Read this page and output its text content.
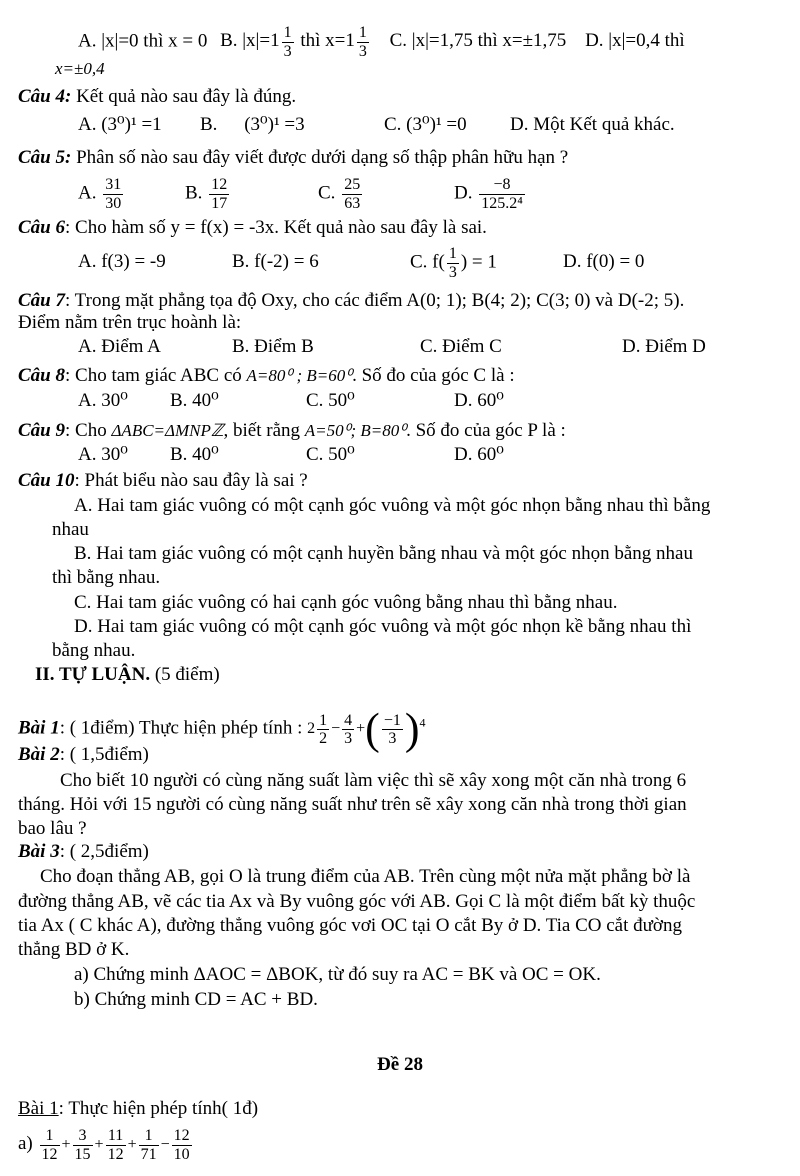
A. |x|=0 thì x = 0 B. $|x|=1 \frac{1}{3}$ thì $x=1 \frac{1}{3} C$. |x|=1,75 thì x=±1,75 D. |x|=0,4 thì
x=±0,4
Câu 4: Kết quả nào sau đây là đúng.
A. (3⁰)¹ =1 B. (3⁰)¹ =3	C. (3⁰)¹ =0 D. Một Kết quả khác.
Câu 5: Phân số nào sau đây viết được dưới dạng số thập phân hữu hạn ?
A. $\frac{31}{30}$	B. $\frac{12}{17}$	C. $\frac{25}{63}$	D. $\frac{-8}{\text{125.2⁴}}$
Câu 6: Cho hàm số y = f(x) = -3x. Kết quả nào sau đây là sai.
A. f(3) = -9	B. f(-2) = 6	C. $f( \frac{1}{3}$ ) = 1	D. f(0) = 0
Câu 7: Trong mặt phẳng tọa độ Oxy, cho các điểm A(0; 1); B(4; 2); C(3; 0) và D(-2; 5).
Điểm nằm trên trục hoành là:
A. Điểm A	B. Điểm B	C. Điểm C	D. Điểm D
Câu 8: Cho tam giác ABC có A=80⁰ ; B=60⁰. Số đo của góc C là :
A. 30⁰ B. 40⁰	C. 50⁰	D. 60⁰
Câu 9: Cho ΔABC=ΔMNPℤ, biết rằng A=50⁰; B=80⁰. Số đo của góc P là :
A. 30⁰ B. 40⁰	C. 50⁰	D. 60⁰
Câu 10: Phát biểu nào sau đây là sai ?
A. Hai tam giác vuông có một cạnh góc vuông và một góc nhọn bằng nhau thì bằng
nhau
B. Hai tam giác vuông có một cạnh huyền bằng nhau và một góc nhọn bằng nhau
thì bằng nhau.
C. Hai tam giác vuông có hai cạnh góc vuông bằng nhau thì bằng nhau.
D. Hai tam giác vuông có một cạnh góc vuông và một góc nhọn kề bằng nhau thì
bằng nhau.
II. TỰ LUẬN. (5 điểm)
Bài 1: ( 1điểm) Thực hiện phép tính : $2 \frac{1}{2} - \frac{4}{3}$ +( $\frac{-1}{3} )^4$
Bài 2: ( 1,5điểm)
Cho biết 10 người có cùng năng suất làm việc thì sẽ xây xong một căn nhà trong 6
tháng. Hỏi với 15 người có cùng năng suất như trên sẽ xây xong căn nhà trong thời gian
bao lâu ?
Bài 3: ( 2,5điểm)
Cho đoạn thẳng AB, gọi O là trung điểm của AB. Trên cùng một nửa mặt phẳng bờ là
đường thẳng AB, vẽ các tia Ax và By vuông góc với AB. Gọi C là một điểm bất kỳ thuộc
tia Ax ( C khác A), đường thẳng vuông góc vơi OC tại O cắt By ở D. Tia CO cắt đường
thẳng BD ở K.
a) Chứng minh ΔAOC = ΔBOK, từ đó suy ra AC = BK và OC = OK.
b) Chứng minh CD = AC + BD.
Đề 28
Bài 1: Thực hiện phép tính( 1đ)
$a) \frac{1}{12} + \frac{3}{15} + \frac{11}{12} + \frac{1}{71} - \frac{12}{10}$
